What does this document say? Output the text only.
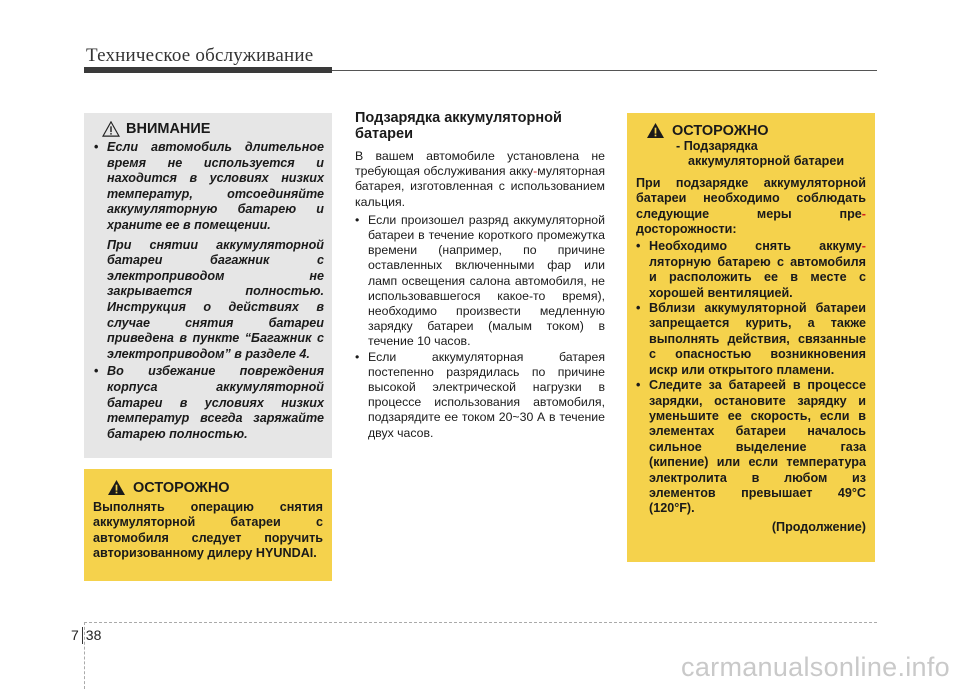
Техническое обслуживание
ВНИМАНИЕ

• Если автомобиль длительное время не используется и находится в условиях низких температур, отсоединяйте аккумуляторную батарею и храните ее в помещении.

При снятии аккумуляторной батареи багажник с электроприводом не закрывается полностью. Инструкция о действиях в случае снятия батареи приведена в пункте “Багажник с электроприводом” в разделе 4.

• Во избежание повреждения корпуса аккумуляторной батареи в условиях низких температур всегда заряжайте батарею полностью.

ОСТОРОЖНО
Выполнять операцию снятия аккумуляторной батареи с автомобиля следует поручить авторизованному дилеру HYUNDAI.
Подзарядка аккумуляторной батареи
В вашем автомобиле установлена не требующая обслуживания акку-муляторная батарея, изготовленная с использованием кальция.
• Если произошел разряд аккумуляторной батареи в течение короткого промежутка времени (например, по причине оставленных включенными фар или ламп освещения салона автомобиля, не использовавшегося какое-то время), необходимо произвести медленную зарядку батареи (малым током) в течение 10 часов.
• Если аккумуляторная батарея постепенно разрядилась по причине высокой электрической нагрузки в процессе использования автомобиля, подзарядите ее током 20~30 А в течение двух часов.
ОСТОРОЖНО
- Подзарядка
аккумуляторной батареи
При подзарядке аккумуляторной батареи необходимо соблюдать следующие меры пре-досторожности:
• Необходимо снять аккуму-ляторную батарею с автомобиля и расположить ее в месте с хорошей вентиляцией.
• Вблизи аккумуляторной батареи запрещается курить, а также выполнять действия, связанные с опасностью возникновения искр или открытого пламени.
• Следите за батареей в процессе зарядки, остановите зарядку и уменьшите ее скорость, если в элементах батареи началось сильное выделение газа (кипение) или если температура электролита в любом из элементов превышает 49°C (120°F).
(Продолжение)
7 38
carmanualsonline.info
